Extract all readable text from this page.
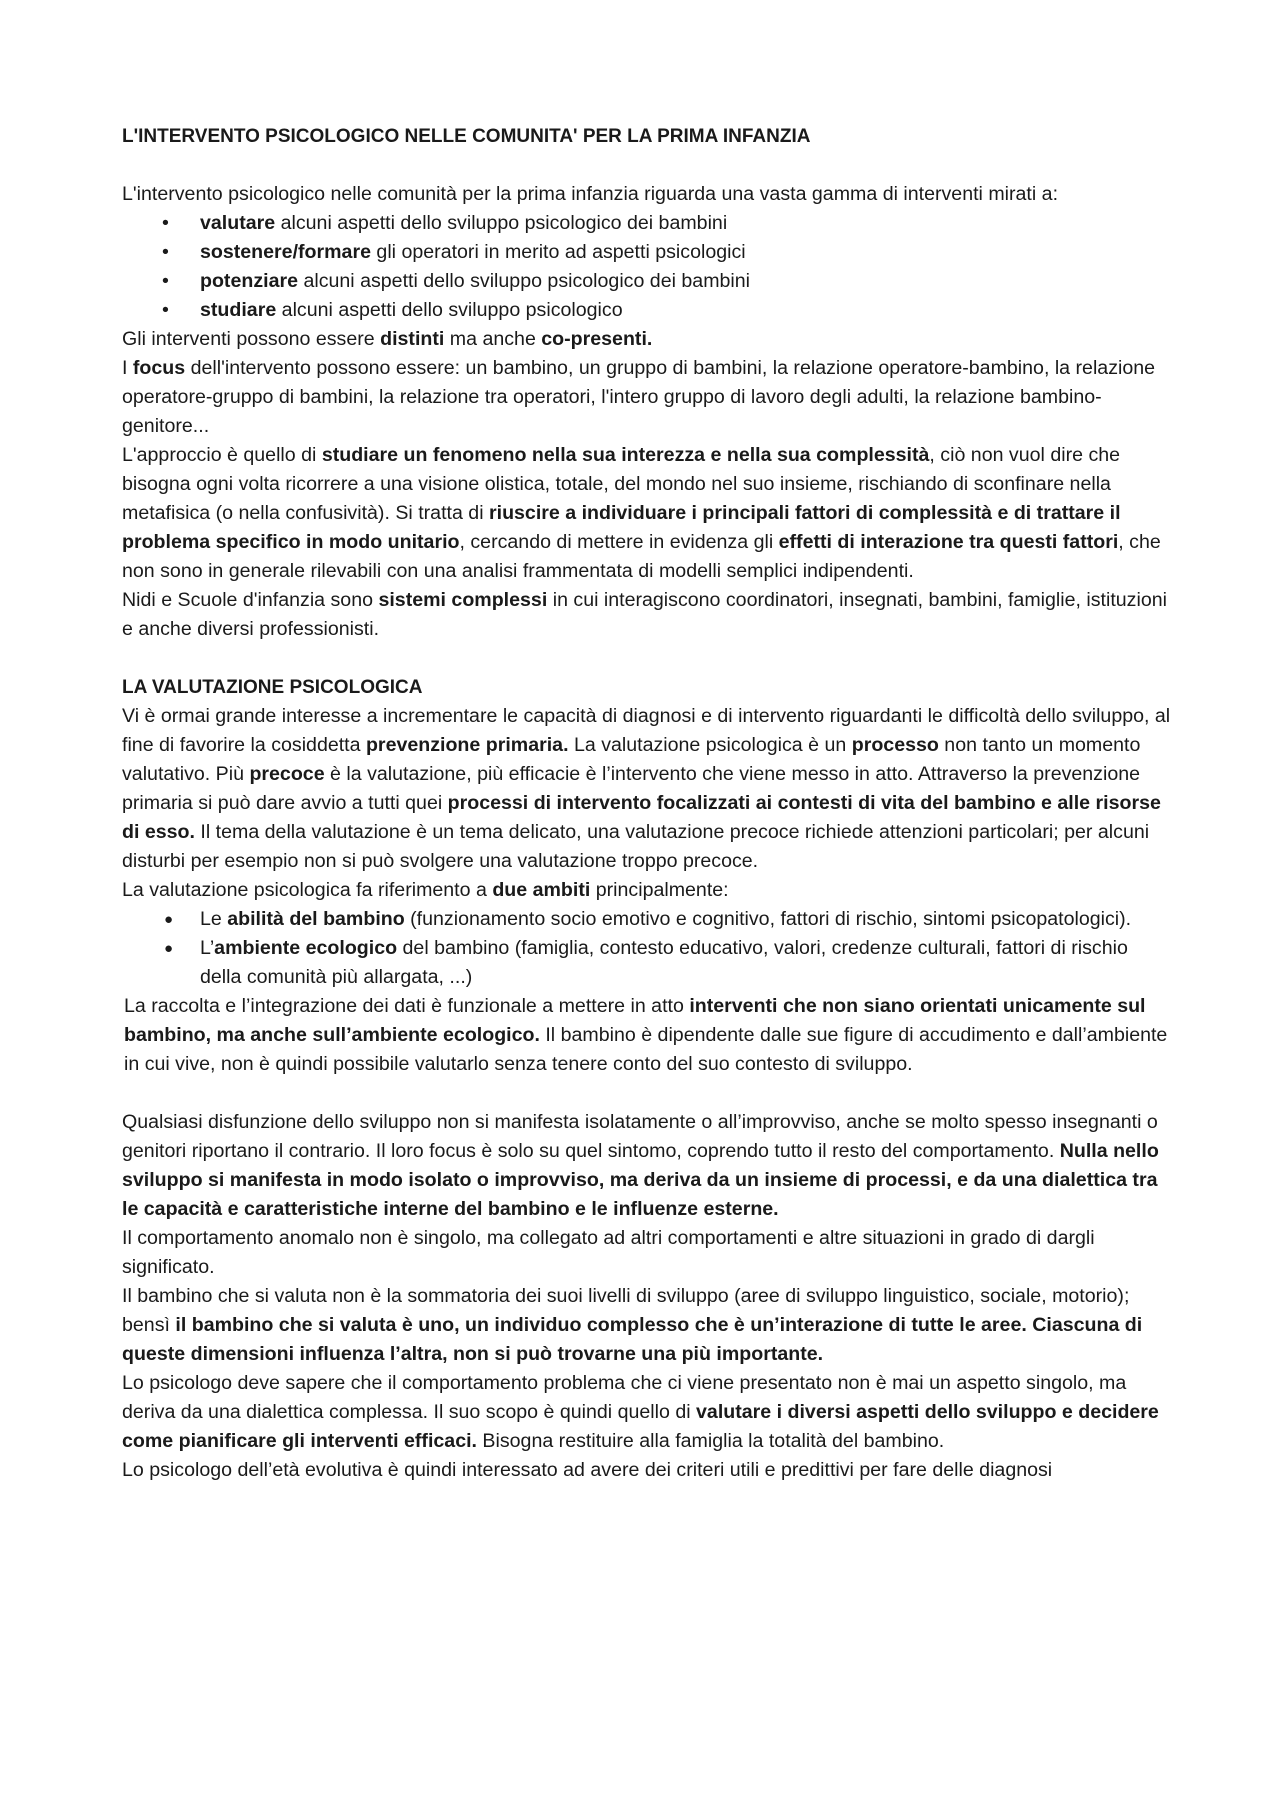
L'INTERVENTO PSICOLOGICO NELLE COMUNITA' PER LA PRIMA INFANZIA

L'intervento psicologico nelle comunità per la prima infanzia riguarda una vasta gamma di interventi mirati a:

• valutare alcuni aspetti dello sviluppo psicologico dei bambini
• sostenere/formare gli operatori in merito ad aspetti psicologici
• potenziare alcuni aspetti dello sviluppo psicologico dei bambini
• studiare alcuni aspetti dello sviluppo psicologico

Gli interventi possono essere distinti ma anche co-presenti.

I focus dell'intervento possono essere: un bambino, un gruppo di bambini, la relazione operatore-bambino, la relazione operatore-gruppo di bambini, la relazione tra operatori, l'intero gruppo di lavoro degli adulti, la relazione bambino-genitore...

L'approccio è quello di studiare un fenomeno nella sua interezza e nella sua complessità, ciò non vuol dire che bisogna ogni volta ricorrere a una visione olistica, totale, del mondo nel suo insieme, rischiando di sconfinare nella metafisica (o nella confusività). Si tratta di riuscire a individuare i principali fattori di complessità e di trattare il problema specifico in modo unitario, cercando di mettere in evidenza gli effetti di interazione tra questi fattori, che non sono in generale rilevabili con una analisi frammentata di modelli semplici indipendenti.

Nidi e Scuole d'infanzia sono sistemi complessi in cui interagiscono coordinatori, insegnati, bambini, famiglie, istituzioni e anche diversi professionisti.

LA VALUTAZIONE PSICOLOGICA

Vi è ormai grande interesse a incrementare le capacità di diagnosi e di intervento riguardanti le difficoltà dello sviluppo, al fine di favorire la cosiddetta prevenzione primaria. La valutazione psicologica è un processo non tanto un momento valutativo. Più precoce è la valutazione, più efficacie è l’intervento che viene messo in atto. Attraverso la prevenzione primaria si può dare avvio a tutti quei processi di intervento focalizzati ai contesti di vita del bambino e alle risorse di esso. Il tema della valutazione è un tema delicato, una valutazione precoce richiede attenzioni particolari; per alcuni disturbi per esempio non si può svolgere una valutazione troppo precoce.

La valutazione psicologica fa riferimento a due ambiti principalmente:

● Le abilità del bambino (funzionamento socio emotivo e cognitivo, fattori di rischio, sintomi psicopatologici).
● L’ambiente ecologico del bambino (famiglia, contesto educativo, valori, credenze culturali, fattori di rischio della comunità più allargata, ...)

La raccolta e l’integrazione dei dati è funzionale a mettere in atto interventi che non siano orientati unicamente sul bambino, ma anche sull’ambiente ecologico. Il bambino è dipendente dalle sue figure di accudimento e dall’ambiente in cui vive, non è quindi possibile valutarlo senza tenere conto del suo contesto di sviluppo.

Qualsiasi disfunzione dello sviluppo non si manifesta isolatamente o all’improvviso, anche se molto spesso insegnanti o genitori riportano il contrario. Il loro focus è solo su quel sintomo, coprendo tutto il resto del comportamento. Nulla nello sviluppo si manifesta in modo isolato o improvviso, ma deriva da un insieme di processi, e da una dialettica tra le capacità e caratteristiche interne del bambino e le influenze esterne.

Il comportamento anomalo non è singolo, ma collegato ad altri comportamenti e altre situazioni in grado di dargli significato.

Il bambino che si valuta non è la sommatoria dei suoi livelli di sviluppo (aree di sviluppo linguistico, sociale, motorio); bensì il bambino che si valuta è uno, un individuo complesso che è un’interazione di tutte le aree. Ciascuna di queste dimensioni influenza l’altra, non si può trovarne una più importante.

Lo psicologo deve sapere che il comportamento problema che ci viene presentato non è mai un aspetto singolo, ma deriva da una dialettica complessa. Il suo scopo è quindi quello di valutare i diversi aspetti dello sviluppo e decidere come pianificare gli interventi efficaci. Bisogna restituire alla famiglia la totalità del bambino.

Lo psicologo dell’età evolutiva è quindi interessato ad avere dei criteri utili e predittivi per fare delle diagnosi
